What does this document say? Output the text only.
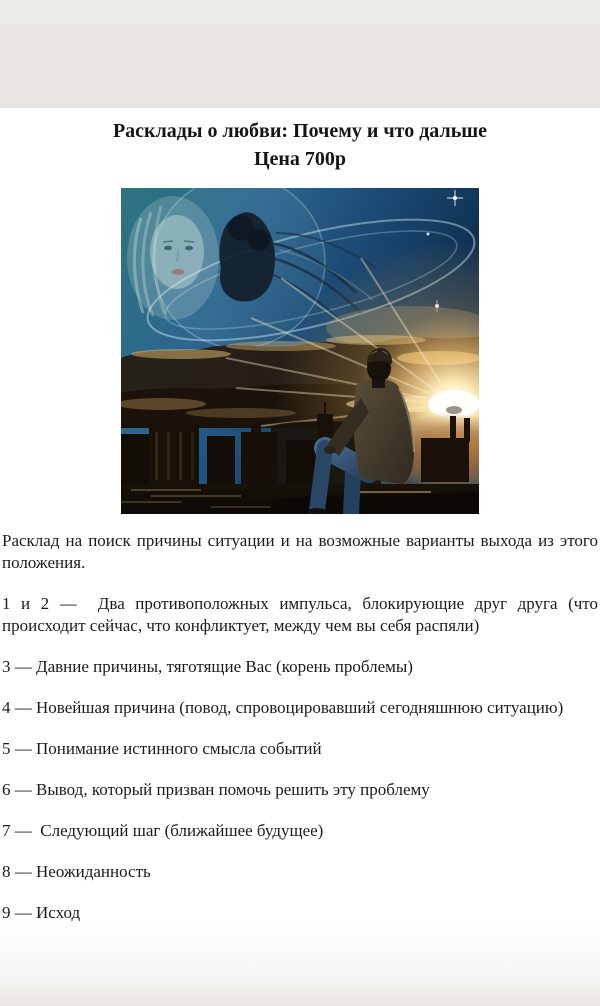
Расклады о любви: Почему и что дальше
Цена 700р

Расклад на поиск причины ситуации и на возможные варианты выхода из этого положения.

1 и 2 —  Два противоположных импульса, блокирующие друг друга (что происходит сейчас, что конфликтует, между чем вы себя распяли)

3 — Давние причины, тяготящие Вас (корень проблемы)

4 — Новейшая причина (повод, спровоцировавший сегодняшнюю ситуацию)

5 — Понимание истинного смысла событий

6 — Вывод, который призван помочь решить эту проблему

7 —  Следующий шаг (ближайшее будущее)

8 — Неожиданность

9 — Исход
